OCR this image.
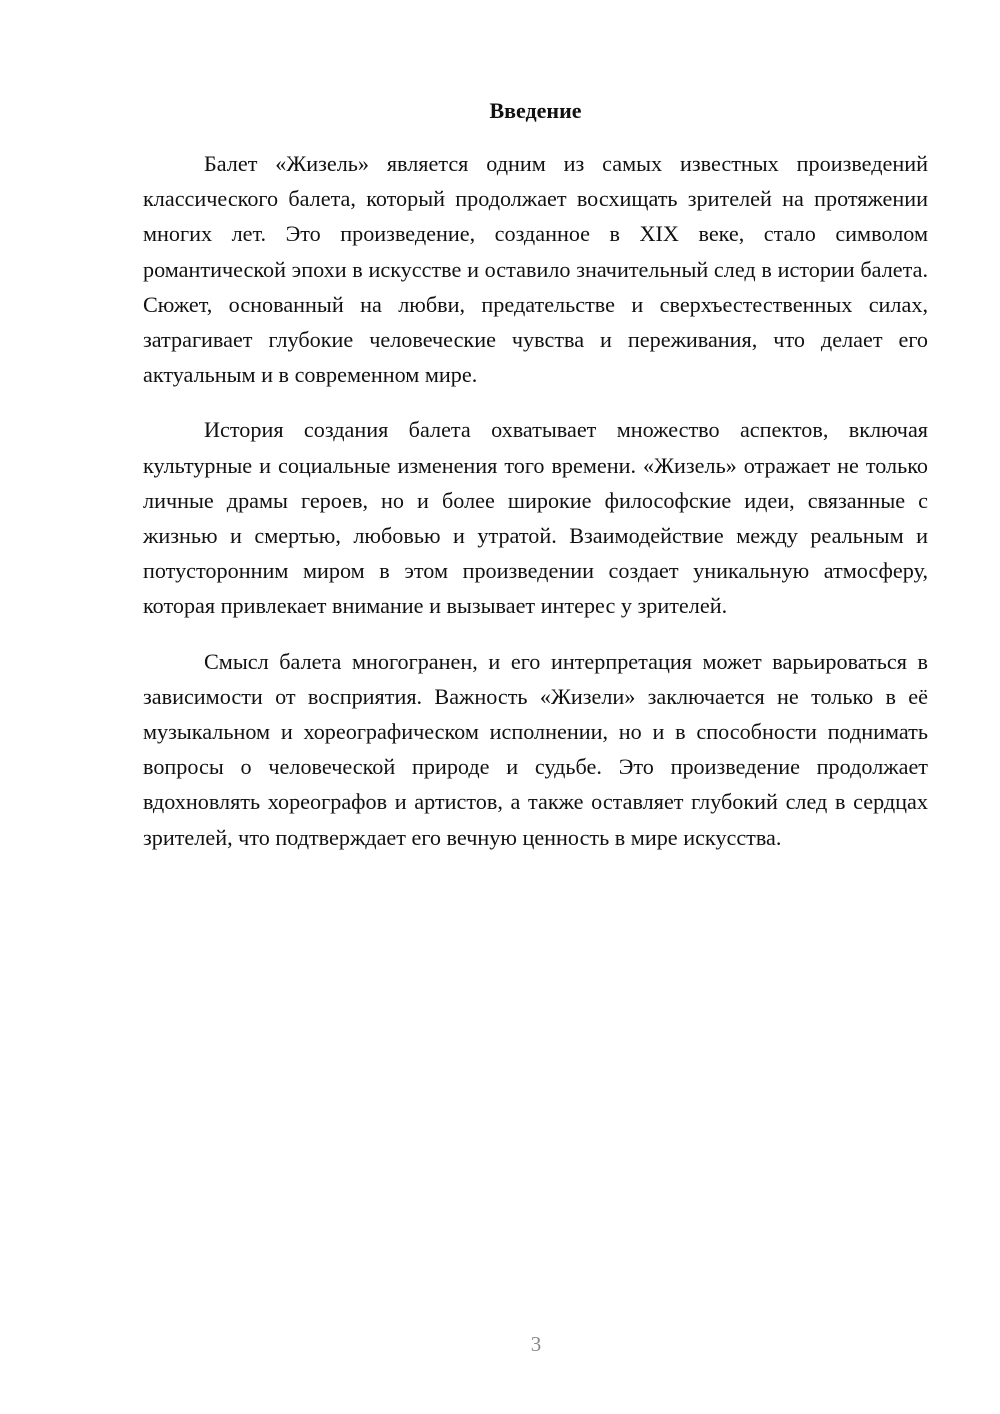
Введение

Балет «Жизель» является одним из самых известных произведений классического балета, который продолжает восхищать зрителей на протяжении многих лет. Это произведение, созданное в XIX веке, стало символом романтической эпохи в искусстве и оставило значительный след в истории балета. Сюжет, основанный на любви, предательстве и сверхъестественных силах, затрагивает глубокие человеческие чувства и переживания, что делает его актуальным и в современном мире.

История создания балета охватывает множество аспектов, включая культурные и социальные изменения того времени. «Жизель» отражает не только личные драмы героев, но и более широкие философские идеи, связанные с жизнью и смертью, любовью и утратой. Взаимодействие между реальным и потусторонним миром в этом произведении создает уникальную атмосферу, которая привлекает внимание и вызывает интерес у зрителей.

Смысл балета многогранен, и его интерпретация может варьироваться в зависимости от восприятия. Важность «Жизели» заключается не только в её музыкальном и хореографическом исполнении, но и в способности поднимать вопросы о человеческой природе и судьбе. Это произведение продолжает вдохновлять хореографов и артистов, а также оставляет глубокий след в сердцах зрителей, что подтверждает его вечную ценность в мире искусства.

3
